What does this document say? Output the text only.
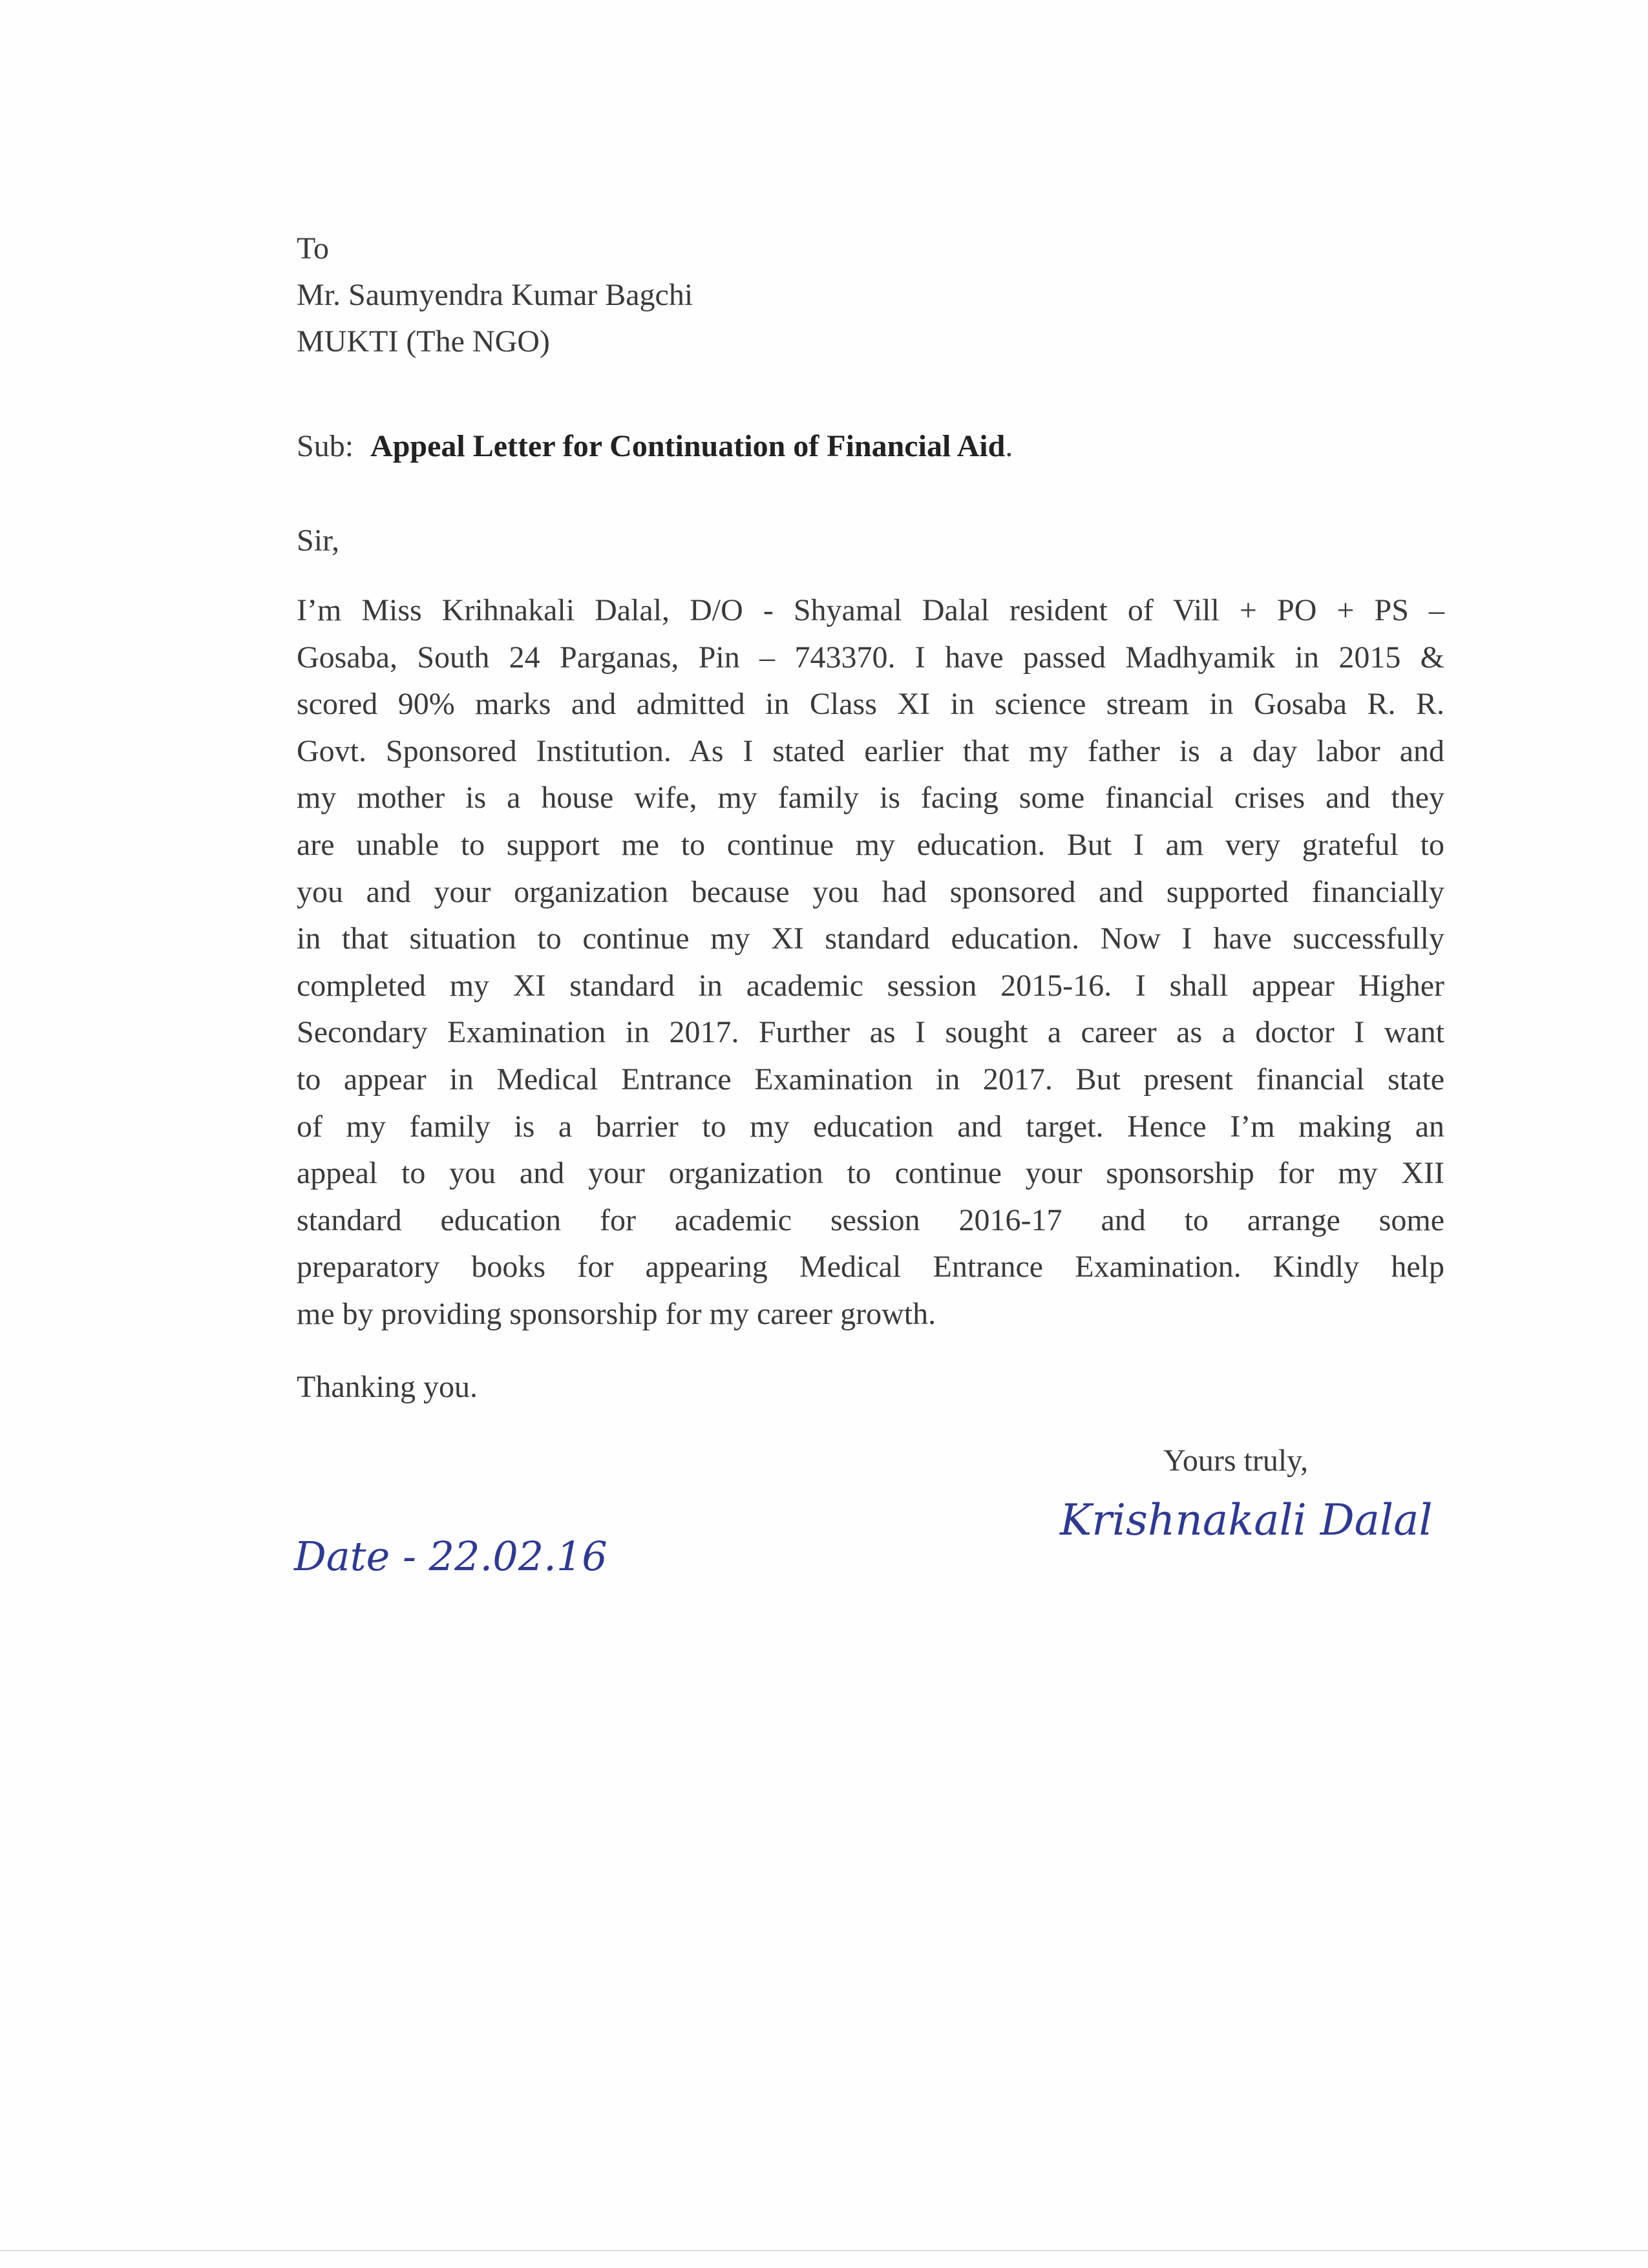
To

Mr. Saumyendra Kumar Bagchi

MUKTI (The NGO)

Sub: Appeal Letter for Continuation of Financial Aid.

Sir,

I’m Miss Krihnakali Dalal, D/O - Shyamal Dalal resident of Vill + PO + PS –
Gosaba, South 24 Parganas, Pin – 743370. I have passed Madhyamik in 2015 &
scored 90% marks and admitted in Class XI in science stream in Gosaba R. R.
Govt. Sponsored Institution. As I stated earlier that my father is a day labor and
my mother is a house wife, my family is facing some financial crises and they
are unable to support me to continue my education. But I am very grateful to
you and your organization because you had sponsored and supported financially
in that situation to continue my XI standard education. Now I have successfully
completed my XI standard in academic session 2015-16. I shall appear Higher
Secondary Examination in 2017. Further as I sought a career as a doctor I want
to appear in Medical Entrance Examination in 2017. But present financial state
of my family is a barrier to my education and target. Hence I’m making an
appeal to you and your organization to continue your sponsorship for my XII
standard education for academic session 2016-17 and to arrange some
preparatory books for appearing Medical Entrance Examination. Kindly help
me by providing sponsorship for my career growth.

Thanking you.

Yours truly,

Krishnakali Dalal
Date - 22.02.16
